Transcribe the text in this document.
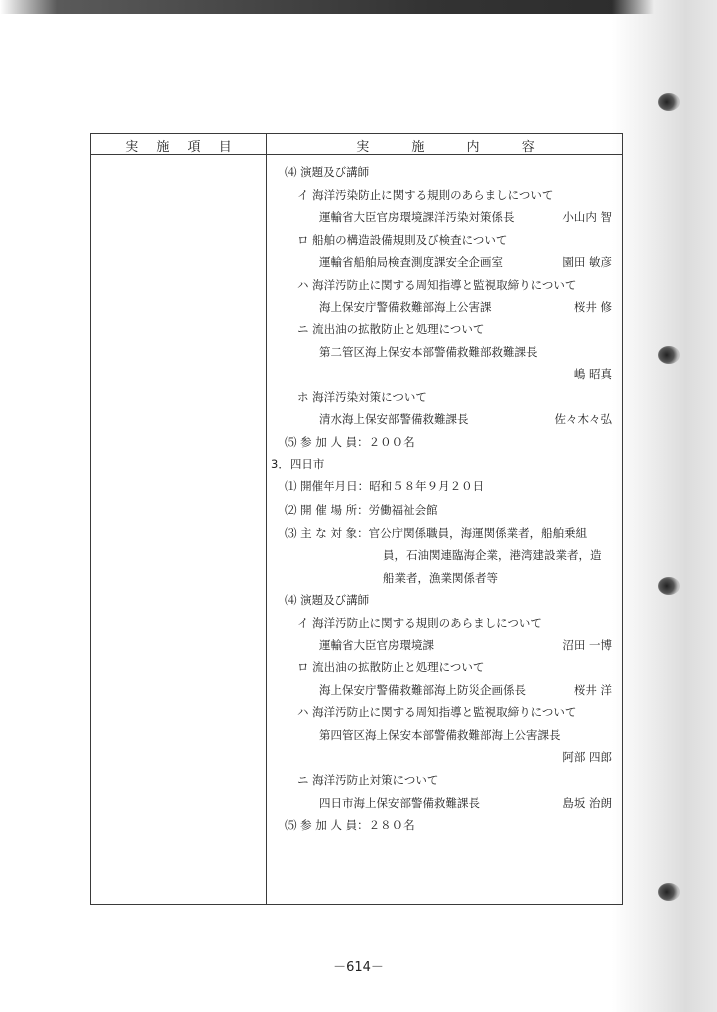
実 施 項 目	実 施 内 容
⑷ 演題及び講師
イ 海洋汚染防止に関する規則のあらましについて
運輸省大臣官房環境課洋汚染対策係長	小山内 智
ロ 船舶の構造設備規則及び検査について
運輸省船舶局検査測度課安全企画室	園田 敏彦
ハ 海洋汚防止に関する周知指導と監視取締りについて
海上保安庁警備救難部海上公害課	桜井 修
ニ 流出油の拡散防止と処理について
第二管区海上保安本部警備救難部救難課長
嶋 昭真
ホ 海洋汚染対策について
清水海上保安部警備救難課長	佐々木々弘
⑸ 参 加 人 員：２００名
3．四日市
⑴ 開催年月日：昭和５８年９月２０日
⑵ 開 催 場 所：労働福祉会館
⑶ 主 な 対 象：官公庁関係職員，海運関係業者，船舶乗組
員，石油関連臨海企業，港湾建設業者，造
船業者，漁業関係者等
⑷ 演題及び講師
イ 海洋汚防止に関する規則のあらましについて
運輸省大臣官房環境課	沼田 一博
ロ 流出油の拡散防止と処理について
海上保安庁警備救難部海上防災企画係長	桜井 洋
ハ 海洋汚防止に関する周知指導と監視取締りについて
第四管区海上保安本部警備救難部海上公害課長
阿部 四郎
ニ 海洋汚防止対策について
四日市海上保安部警備救難課長	島坂 治朗
⑸ 参 加 人 員：２８０名
－614－
